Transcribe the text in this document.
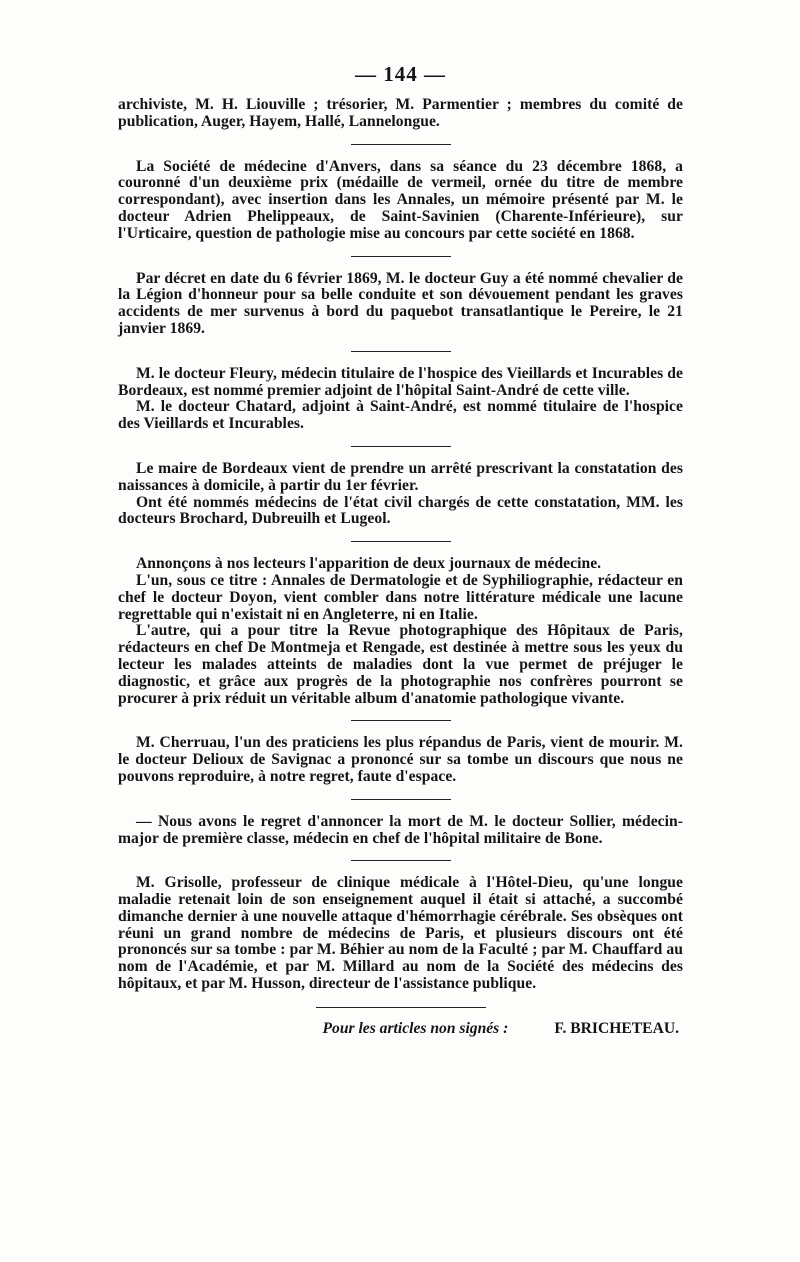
— 144 —

archiviste, M. H. Liouville ; trésorier, M. Parmentier ; membres du comité de publication, Auger, Hayem, Hallé, Lannelongue.

La Société de médecine d'Anvers, dans sa séance du 23 décembre 1868, a couronné d'un deuxième prix (médaille de vermeil, ornée du titre de membre correspondant), avec insertion dans les Annales, un mémoire présenté par M. le docteur Adrien Phelippeaux, de Saint-Savinien (Charente-Inférieure), sur l'Urticaire, question de pathologie mise au concours par cette société en 1868.

Par décret en date du 6 février 1869, M. le docteur Guy a été nommé chevalier de la Légion d'honneur pour sa belle conduite et son dévouement pendant les graves accidents de mer survenus à bord du paquebot transatlantique le Pereire, le 21 janvier 1869.

M. le docteur Fleury, médecin titulaire de l'hospice des Vieillards et Incurables de Bordeaux, est nommé premier adjoint de l'hôpital Saint-André de cette ville.

M. le docteur Chatard, adjoint à Saint-André, est nommé titulaire de l'hospice des Vieillards et Incurables.

Le maire de Bordeaux vient de prendre un arrêté prescrivant la constatation des naissances à domicile, à partir du 1er février.

Ont été nommés médecins de l'état civil chargés de cette constatation, MM. les docteurs Brochard, Dubreuilh et Lugeol.

Annonçons à nos lecteurs l'apparition de deux journaux de médecine.

L'un, sous ce titre : Annales de Dermatologie et de Syphiliographie, rédacteur en chef le docteur Doyon, vient combler dans notre littérature médicale une lacune regrettable qui n'existait ni en Angleterre, ni en Italie.

L'autre, qui a pour titre la Revue photographique des Hôpitaux de Paris, rédacteurs en chef De Montmeja et Rengade, est destinée à mettre sous les yeux du lecteur les malades atteints de maladies dont la vue permet de préjuger le diagnostic, et grâce aux progrès de la photographie nos confrères pourront se procurer à prix réduit un véritable album d'anatomie pathologique vivante.

M. Cherruau, l'un des praticiens les plus répandus de Paris, vient de mourir. M. le docteur Delioux de Savignac a prononcé sur sa tombe un discours que nous ne pouvons reproduire, à notre regret, faute d'espace.

— Nous avons le regret d'annoncer la mort de M. le docteur Sollier, médecin-major de première classe, médecin en chef de l'hôpital militaire de Bone.

M. Grisolle, professeur de clinique médicale à l'Hôtel-Dieu, qu'une longue maladie retenait loin de son enseignement auquel il était si attaché, a succombé dimanche dernier à une nouvelle attaque d'hémorrhagie cérébrale. Ses obsèques ont réuni un grand nombre de médecins de Paris, et plusieurs discours ont été prononcés sur sa tombe : par M. Béhier au nom de la Faculté ; par M. Chauffard au nom de l'Académie, et par M. Millard au nom de la Société des médecins des hôpitaux, et par M. Husson, directeur de l'assistance publique.

Pour les articles non signés :	F. BRICHETEAU.
